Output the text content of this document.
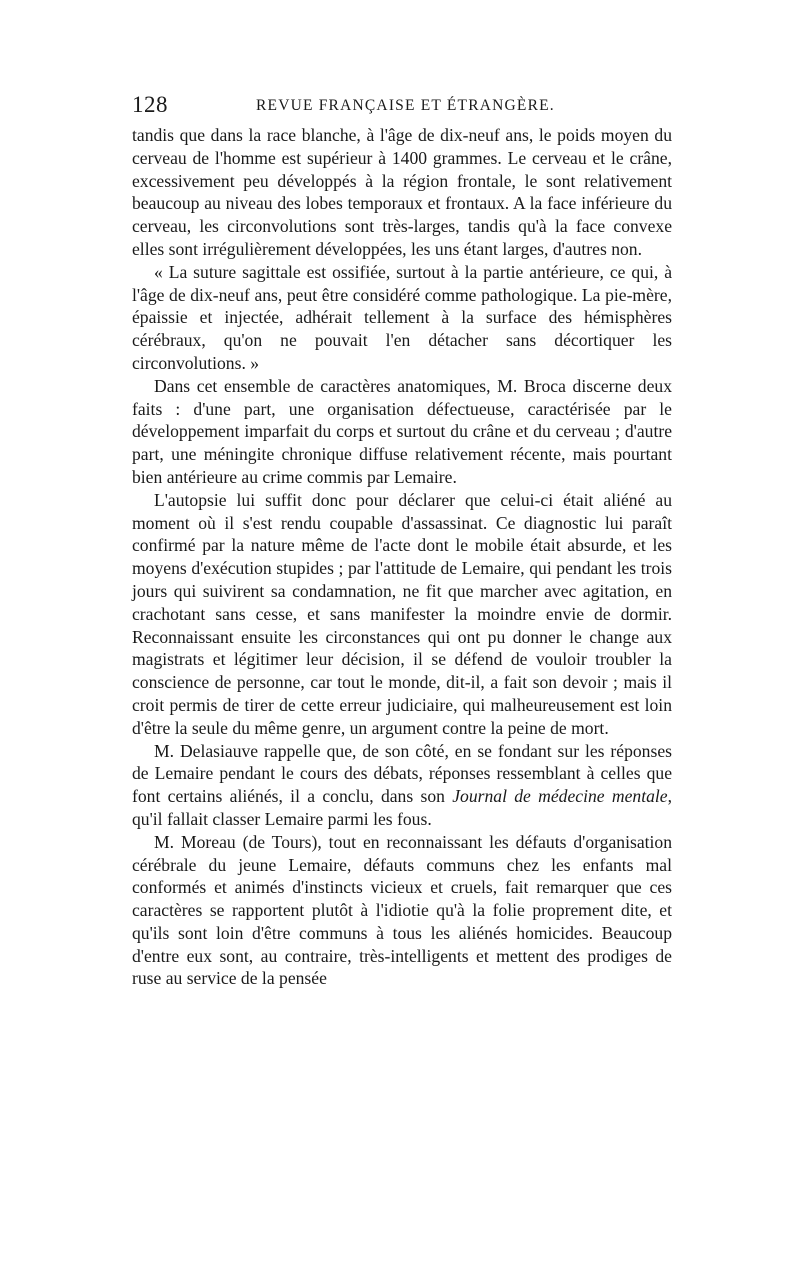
128	REVUE FRANÇAISE ET ÉTRANGÈRE.

tandis que dans la race blanche, à l'âge de dix-neuf ans, le poids moyen du cerveau de l'homme est supérieur à 1400 grammes. Le cerveau et le crâne, excessivement peu développés à la région frontale, le sont relativement beaucoup au niveau des lobes temporaux et frontaux. A la face inférieure du cerveau, les circonvolutions sont très-larges, tandis qu'à la face convexe elles sont irrégulièrement développées, les uns étant larges, d'autres non.

« La suture sagittale est ossifiée, surtout à la partie antérieure, ce qui, à l'âge de dix-neuf ans, peut être considéré comme pathologique. La pie-mère, épaissie et injectée, adhérait tellement à la surface des hémisphères cérébraux, qu'on ne pouvait l'en détacher sans décortiquer les circonvolutions. »

Dans cet ensemble de caractères anatomiques, M. Broca discerne deux faits : d'une part, une organisation défectueuse, caractérisée par le développement imparfait du corps et surtout du crâne et du cerveau ; d'autre part, une méningite chronique diffuse relativement récente, mais pourtant bien antérieure au crime commis par Lemaire.

L'autopsie lui suffit donc pour déclarer que celui-ci était aliéné au moment où il s'est rendu coupable d'assassinat. Ce diagnostic lui paraît confirmé par la nature même de l'acte dont le mobile était absurde, et les moyens d'exécution stupides ; par l'attitude de Lemaire, qui pendant les trois jours qui suivirent sa condamnation, ne fit que marcher avec agitation, en crachotant sans cesse, et sans manifester la moindre envie de dormir. Reconnaissant ensuite les circonstances qui ont pu donner le change aux magistrats et légitimer leur décision, il se défend de vouloir troubler la conscience de personne, car tout le monde, dit-il, a fait son devoir ; mais il croit permis de tirer de cette erreur judiciaire, qui malheureusement est loin d'être la seule du même genre, un argument contre la peine de mort.

M. Delasiauve rappelle que, de son côté, en se fondant sur les réponses de Lemaire pendant le cours des débats, réponses ressemblant à celles que font certains aliénés, il a conclu, dans son Journal de médecine mentale, qu'il fallait classer Lemaire parmi les fous.

M. Moreau (de Tours), tout en reconnaissant les défauts d'organisation cérébrale du jeune Lemaire, défauts communs chez les enfants mal conformés et animés d'instincts vicieux et cruels, fait remarquer que ces caractères se rapportent plutôt à l'idiotie qu'à la folie proprement dite, et qu'ils sont loin d'être communs à tous les aliénés homicides. Beaucoup d'entre eux sont, au contraire, très-intelligents et mettent des prodiges de ruse au service de la pensée
